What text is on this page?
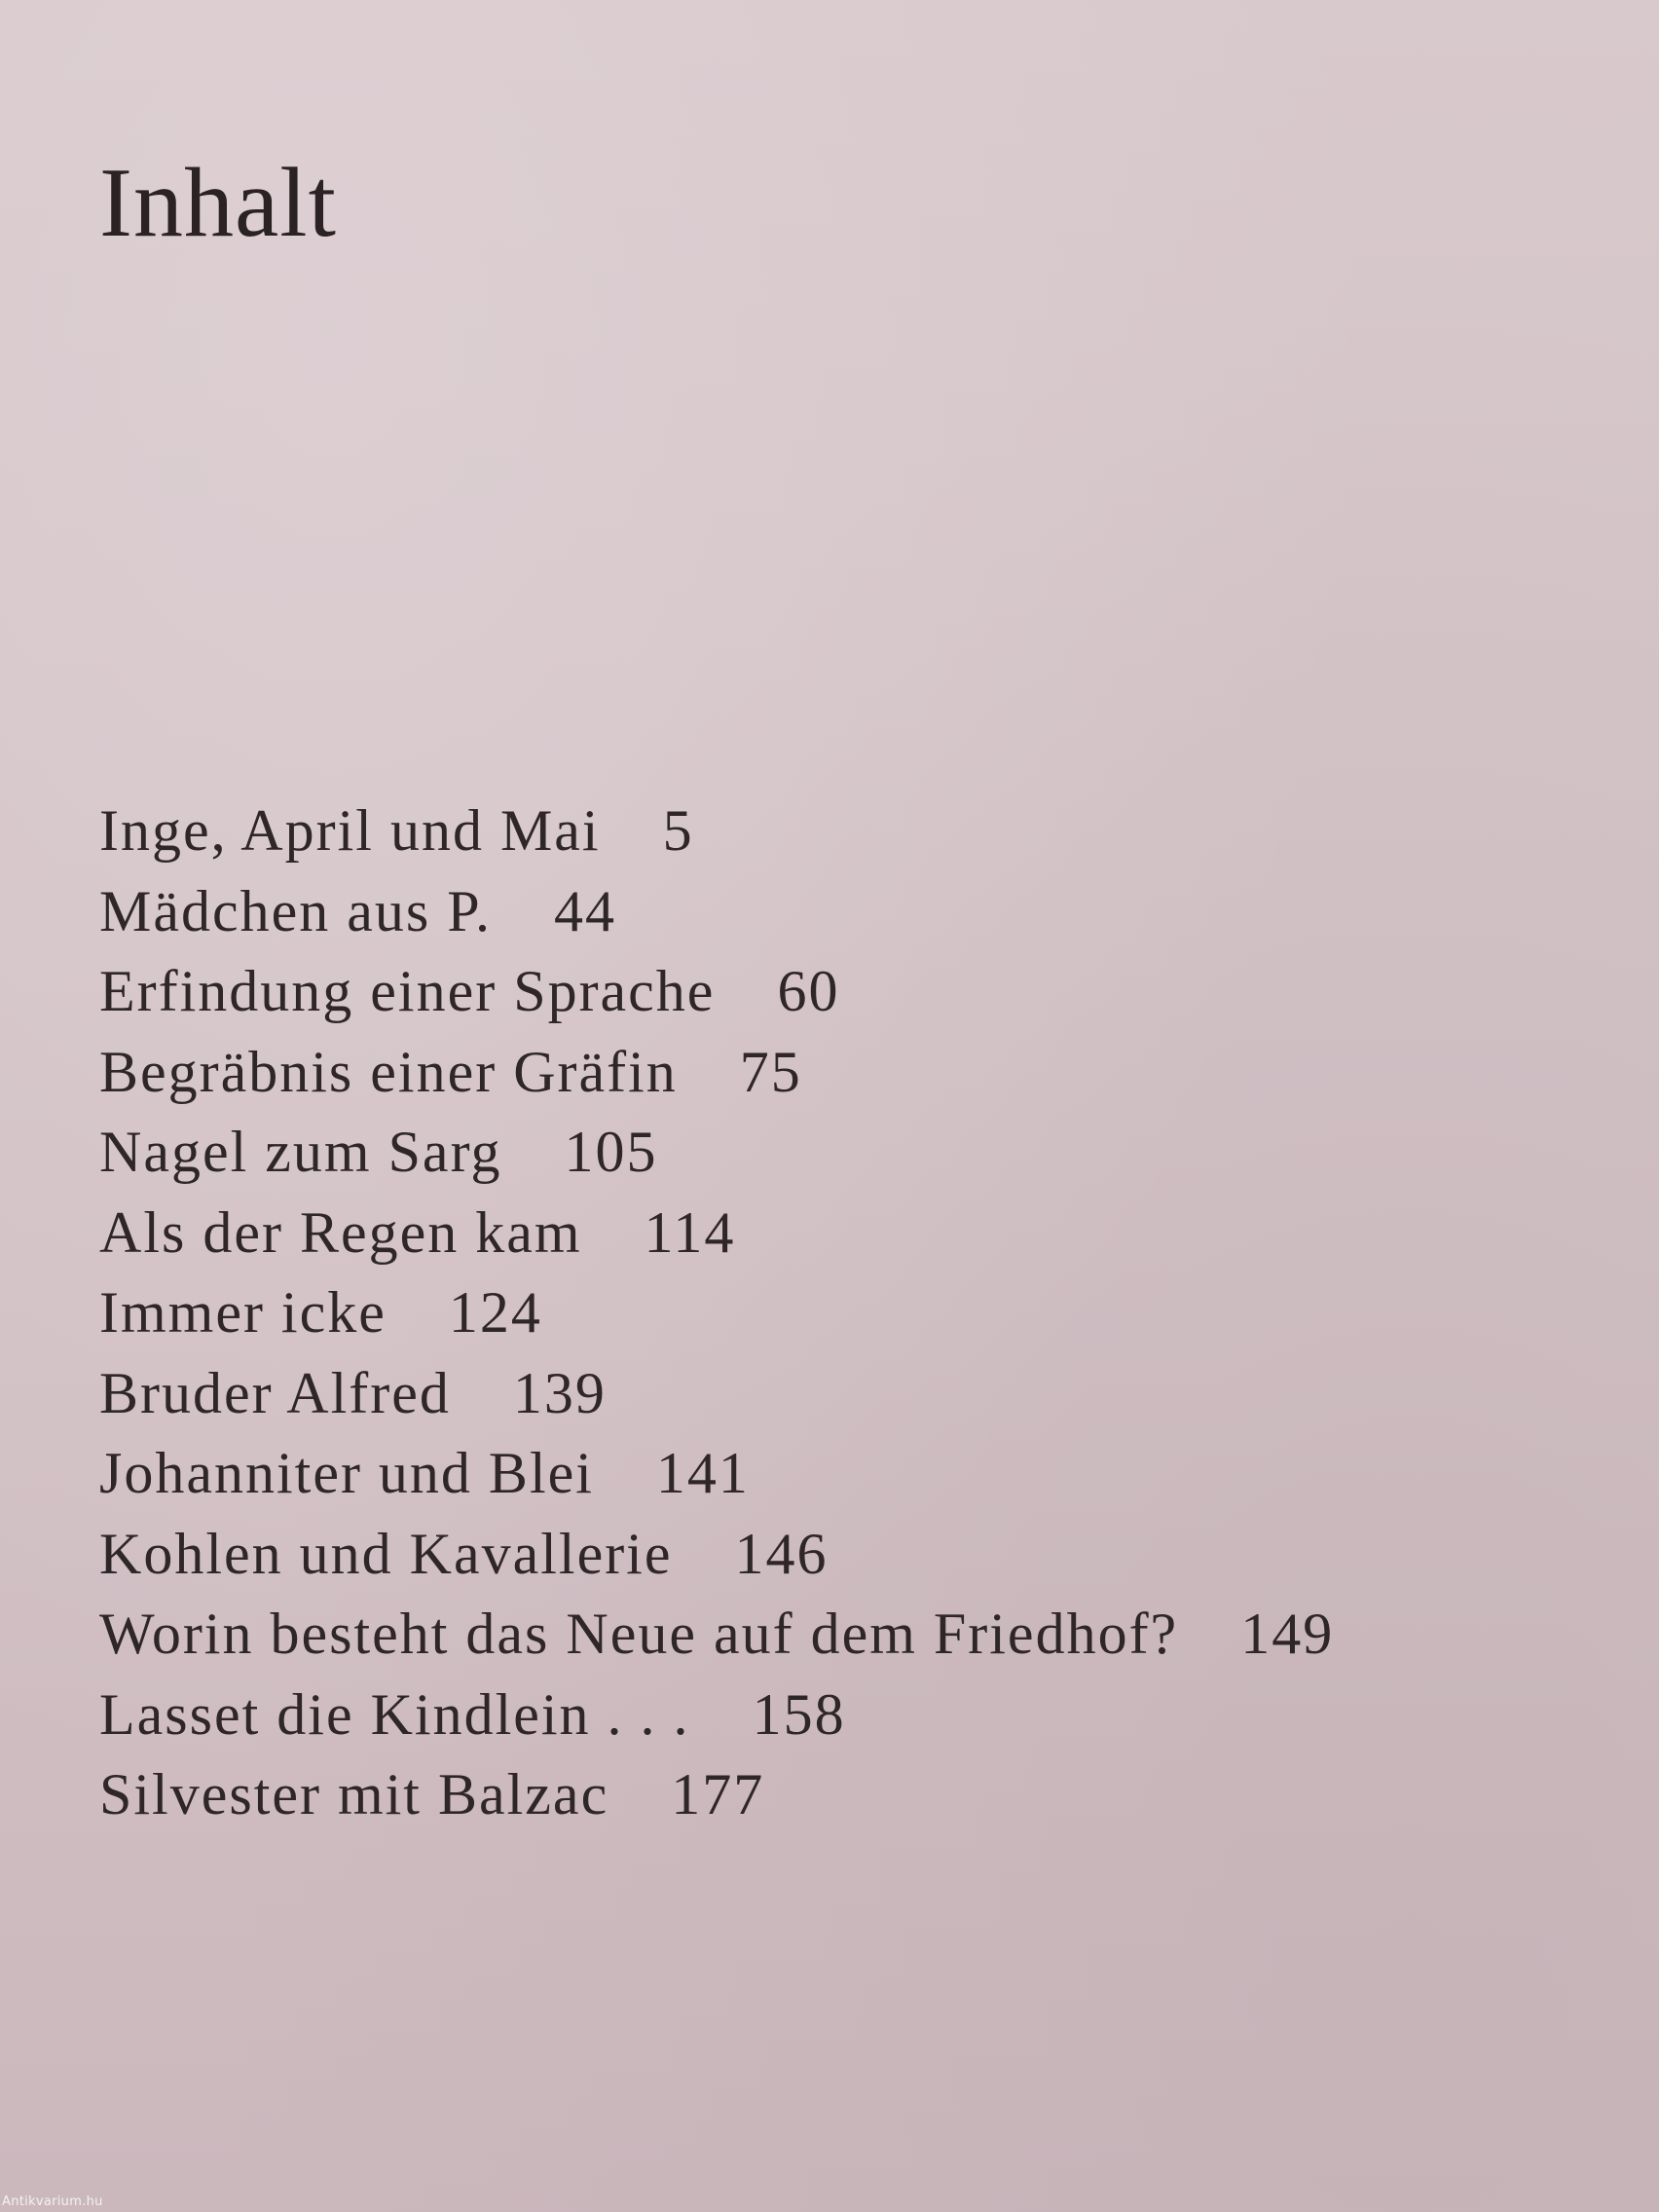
Inhalt
Inge, April und Mai 5
Mädchen aus P. 44
Erfindung einer Sprache 60
Begräbnis einer Gräfin 75
Nagel zum Sarg 105
Als der Regen kam 114
Immer icke 124
Bruder Alfred 139
Johanniter und Blei 141
Kohlen und Kavallerie 146
Worin besteht das Neue auf dem Friedhof? 149
Lasset die Kindlein . . . 158
Silvester mit Balzac 177
Antikvarium.hu
